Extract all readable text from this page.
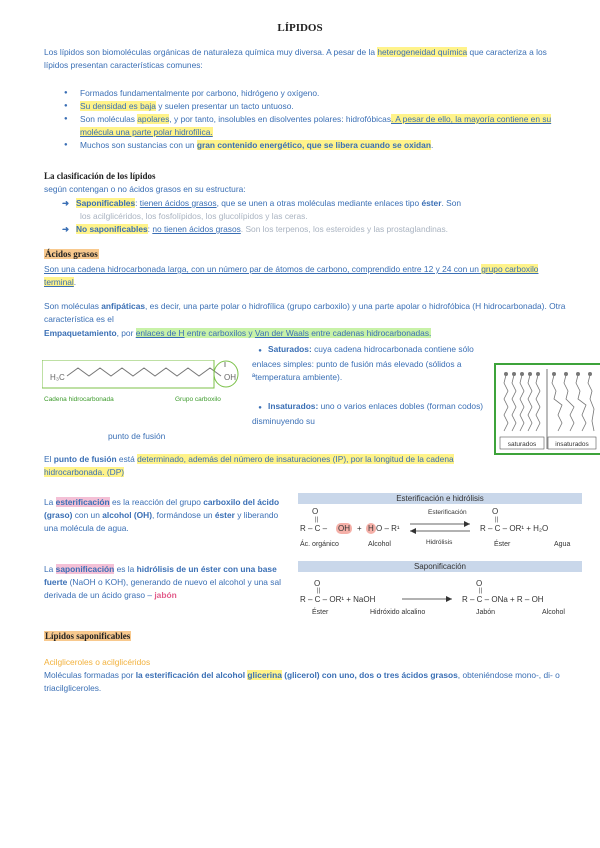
LÍPIDOS
Los lípidos son biomoléculas orgánicas de naturaleza química muy diversa. A pesar de la heterogeneidad química que caracteriza a los lípidos presentan características comunes:
● Formados fundamentalmente por carbono, hidrógeno y oxígeno.
● Su densidad es baja y suelen presentar un tacto untuoso.
● Son moléculas apolares, y por tanto, insolubles en disolventes polares: hidrofóbicas. A pesar de ello, la mayoría contiene en su molécula una parte polar hidrofílica.
● Muchos son sustancias con un gran contenido energético, que se libera cuando se oxidan.
La clasificación de los lípidos
según contengan o no ácidos grasos en su estructura:
➜ Saponificables: tienen ácidos grasos, que se unen a otras moléculas mediante enlaces tipo éster. Son
los acilglicéridos, los fosfolípidos, los glucolípidos y las ceras.
➜ No saponificables: no tienen ácidos grasos. Son los terpenos, los esteroides y las prostaglandinas.
Ácidos grasos
Son una cadena hidrocarbonada larga, con un número par de átomos de carbono, comprendido entre 12 y 24 con un grupo carboxilo terminal.
Son moléculas anfipáticas, es decir, una parte polar o hidrofílica (grupo carboxilo) y una parte apolar o hidrofóbica (H hidrocarbonada). Otra característica es el
Empaquetamiento, por enlaces de H entre carboxilos y Van der Waals entre cadenas hidrocarbonadas.
H₃C	OH
Cadena hidrocarbonada	Grupo carboxilo
● Saturados: cuya cadena hidrocarbonada contiene sólo enlaces simples: punto de fusión más elevado (sólidos a ªtemperatura ambiente).
● Insaturados: uno o varios enlaces dobles (forman codos) disminuyendo su
punto de fusión
saturados	insaturados
El punto de fusión está determinado, además del número de insaturaciones (IP), por la longitud de la cadena hidrocarbonada. (DP)
La esterificación es la reacción del grupo carboxilo del ácido (graso) con un alcohol (OH), formándose un éster y liberando una molécula de agua.
La saponificación es la hidrólisis de un éster con una base fuerte (NaOH o KOH), generando de nuevo el alcohol y una sal derivada de un ácido graso – jabón
Esterificación e hidrólisis
O
||
R – C – OH + H O – R¹
Esterificación
Hidrólisis
O
||
R – C – OR¹ + H₂O
Ác. orgánico	Alcohol	Éster	Agua
Saponificación
O
||
R – C – OR¹ + NaOH
O
||
R – C – ONa + R – OH
Éster	Hidróxido alcalino	Jabón	Alcohol
Lípidos saponificables
Acilgliceroles o acilglicéridos
Moléculas formadas por la esterificación del alcohol glicerina (glicerol) con uno, dos o tres ácidos grasos, obteniéndose mono-, di- o triacilgliceroles.
